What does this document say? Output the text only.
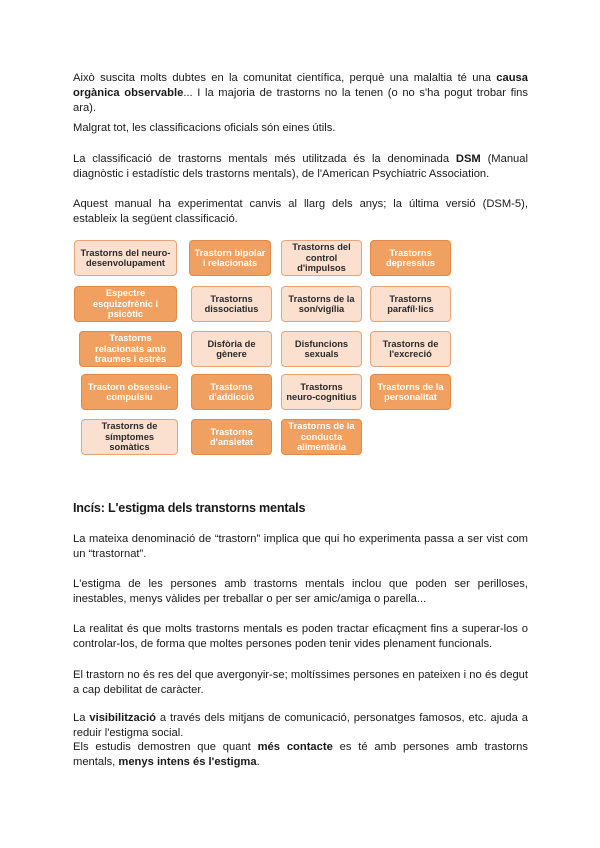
Això suscita molts dubtes en la comunitat científica, perquè una malaltia té una causa orgànica observable... I la majoria de trastorns no la tenen (o no s'ha pogut trobar fins ara).
Malgrat tot, les classificacions oficials són eines útils.
La classificació de trastorns mentals més utilitzada és la denominada DSM (Manual diagnòstic i estadístic dels trastorns mentals), de l'American Psychiatric Association.
Aquest manual ha experimentat canvis al llarg dels anys; la última versió (DSM-5), estableix la següent classificació.
Trastorns del neuro-desenvolupament
Trastorn bipolar i relacionats
Trastorns del control d'impulsos
Trastorns depressius
Espectre esquizofrènic i psicòtic
Trastorns dissociatius
Trastorns de la son/vigília
Trastorns parafíl·lics
Trastorns relacionats amb traumes i estrès
Disfòria de gènere
Disfuncions sexuals
Trastorns de l'excreció
Trastorn obsessiu-compulsiu
Trastorns d'addicció
Trastorns neuro-cognitius
Trastorns de la personalitat
Trastorns de símptomes somàtics
Trastorns d'ansietat
Trastorns de la conducta alimentària
Incís: L'estigma dels transtorns mentals
La mateixa denominació de “trastorn” implica que qui ho experimenta passa a ser vist com un “trastornat”.
L'estigma de les persones amb trastorns mentals inclou que poden ser perilloses, inestables, menys vàlides per treballar o per ser amic/amiga o parella...
La realitat és que molts trastorns mentals es poden tractar eficaçment fins a superar-los o controlar-los, de forma que moltes persones poden tenir vides plenament funcionals.
El trastorn no és res del que avergonyir-se; moltíssimes persones en pateixen i no és degut a cap debilitat de caràcter.
La visibilització a través dels mitjans de comunicació, personatges famosos, etc. ajuda a reduir l'estigma social.
Els estudis demostren que quant més contacte es té amb persones amb trastorns mentals, menys intens és l'estigma.
